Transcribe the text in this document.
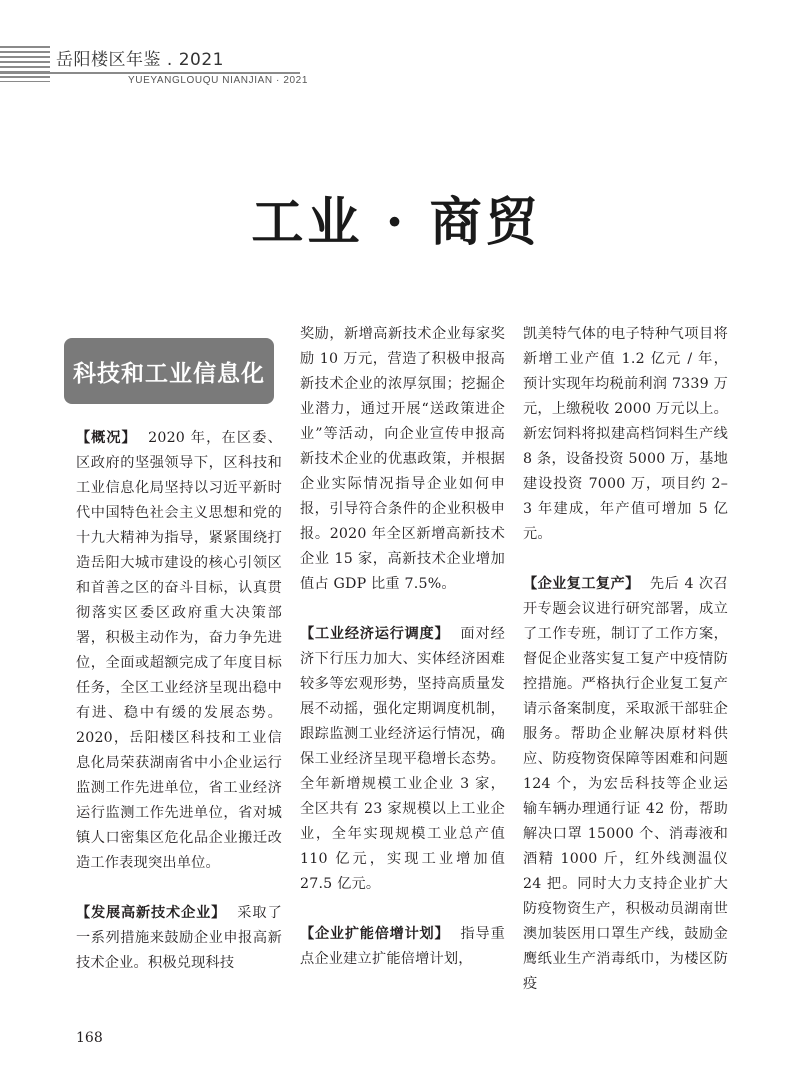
岳阳楼区年鉴 . 2021
YUEYANGLOUQU NIANJIAN · 2021
工业 · 商贸
科技和工业信息化

【概况】 2020 年，在区委、区政府的坚强领导下，区科技和工业信息化局坚持以习近平新时代中国特色社会主义思想和党的十九大精神为指导，紧紧围绕打造岳阳大城市建设的核心引领区和首善之区的奋斗目标，认真贯彻落实区委区政府重大决策部署，积极主动作为，奋力争先进位，全面或超额完成了年度目标任务，全区工业经济呈现出稳中有进、稳中有缓的发展态势。2020，岳阳楼区科技和工业信息化局荣获湖南省中小企业运行监测工作先进单位，省工业经济运行监测工作先进单位，省对城镇人口密集区危化品企业搬迁改造工作表现突出单位。

【发展高新技术企业】 采取了一系列措施来鼓励企业申报高新技术企业。积极兑现科技

奖励，新增高新技术企业每家奖励 10 万元，营造了积极申报高新技术企业的浓厚氛围；挖掘企业潜力，通过开展“送政策进企业”等活动，向企业宣传申报高新技术企业的优惠政策，并根据企业实际情况指导企业如何申报，引导符合条件的企业积极申报。2020 年全区新增高新技术企业 15 家，高新技术企业增加值占 GDP 比重 7.5%。

【工业经济运行调度】 面对经济下行压力加大、实体经济困难较多等宏观形势，坚持高质量发展不动摇，强化定期调度机制，跟踪监测工业经济运行情况，确保工业经济呈现平稳增长态势。全年新增规模工业企业 3 家，全区共有 23 家规模以上工业企业，全年实现规模工业总产值 110 亿元，实现工业增加值 27.5 亿元。

【企业扩能倍增计划】 指导重点企业建立扩能倍增计划，

凯美特气体的电子特种气项目将新增工业产值 1.2 亿元 / 年，预计实现年均税前利润 7339 万元，上缴税收 2000 万元以上。新宏饲料将拟建高档饲料生产线 8 条，设备投资 5000 万，基地建设投资 7000 万，项目约 2–3 年建成，年产值可增加 5 亿元。

【企业复工复产】 先后 4 次召开专题会议进行研究部署，成立了工作专班，制订了工作方案，督促企业落实复工复产中疫情防控措施。严格执行企业复工复产请示备案制度，采取派干部驻企服务。帮助企业解决原材料供应、防疫物资保障等困难和问题 124 个，为宏岳科技等企业运输车辆办理通行证 42 份，帮助解决口罩 15000 个、消毒液和酒精 1000 斤，红外线测温仪 24 把。同时大力支持企业扩大防疫物资生产，积极动员湖南世澳加装医用口罩生产线，鼓励金鹰纸业生产消毒纸巾，为楼区防疫

168
